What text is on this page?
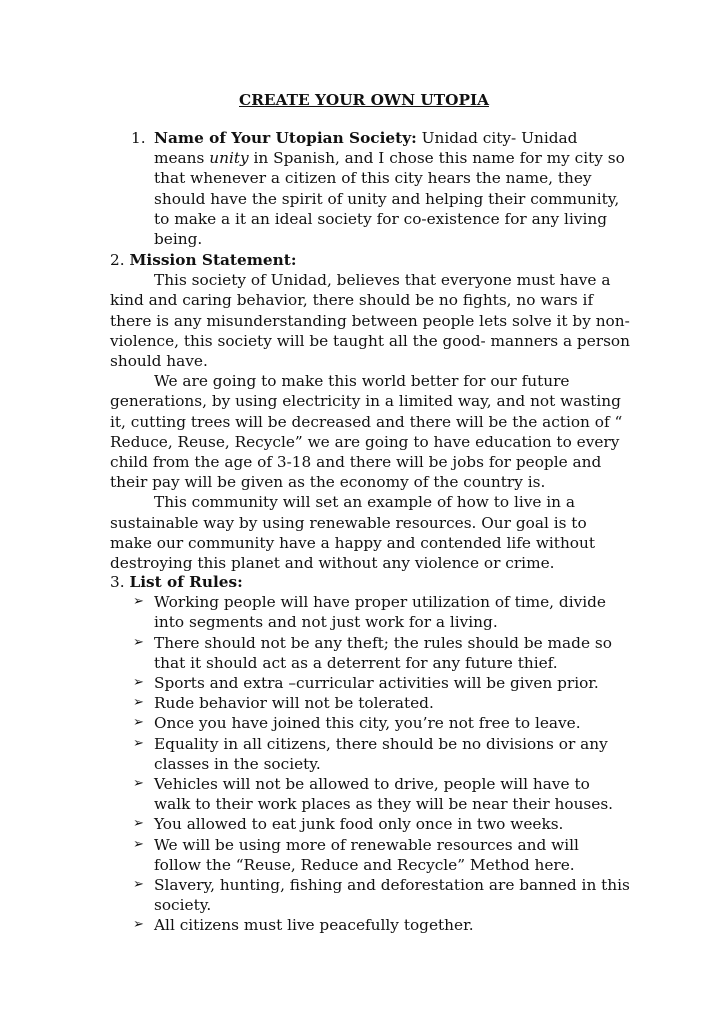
CREATE YOUR OWN UTOPIA
1. Name of Your Utopian Society: Unidad city- Unidad means unity in Spanish, and I chose this name for my city so that whenever a citizen of this city hears the name, they should have the spirit of unity and helping their community, to make a it an ideal society for co-existence for any living being.
2. Mission Statement:

This society of Unidad, believes that everyone must have a kind and caring behavior, there should be no fights, no wars if there is any misunderstanding between people lets solve it by non-violence, this society will be taught all the good- manners a person should have.

We are going to make this world better for our future generations, by using electricity in a limited way, and not wasting it, cutting trees will be decreased and there will be the action of “ Reduce, Reuse, Recycle” we are going to have education to every child from the age of 3-18 and there will be jobs for people and their pay will be given as the economy of the country is.

This community will set an example of how to live in a sustainable way by using renewable resources. Our goal is to make our community have a happy and contended life without destroying this planet and without any violence or crime.

3. List of Rules:
➢ Working people will have proper utilization of time, divide into segments and not just work for a living.
➢ There should not be any theft; the rules should be made so that it should act as a deterrent for any future thief.
➢ Sports and extra –curricular activities will be given prior.
➢ Rude behavior will not be tolerated.
➢ Once you have joined this city, you’re not free to leave.
➢ Equality in all citizens, there should be no divisions or any classes in the society.
➢ Vehicles will not be allowed to drive, people will have to walk to their work places as they will be near their houses.
➢ You allowed to eat junk food only once in two weeks.
➢ We will be using more of renewable resources and will follow the “Reuse, Reduce and Recycle” Method here.
➢ Slavery, hunting, fishing and deforestation are banned in this society.
➢ All citizens must live peacefully together.
